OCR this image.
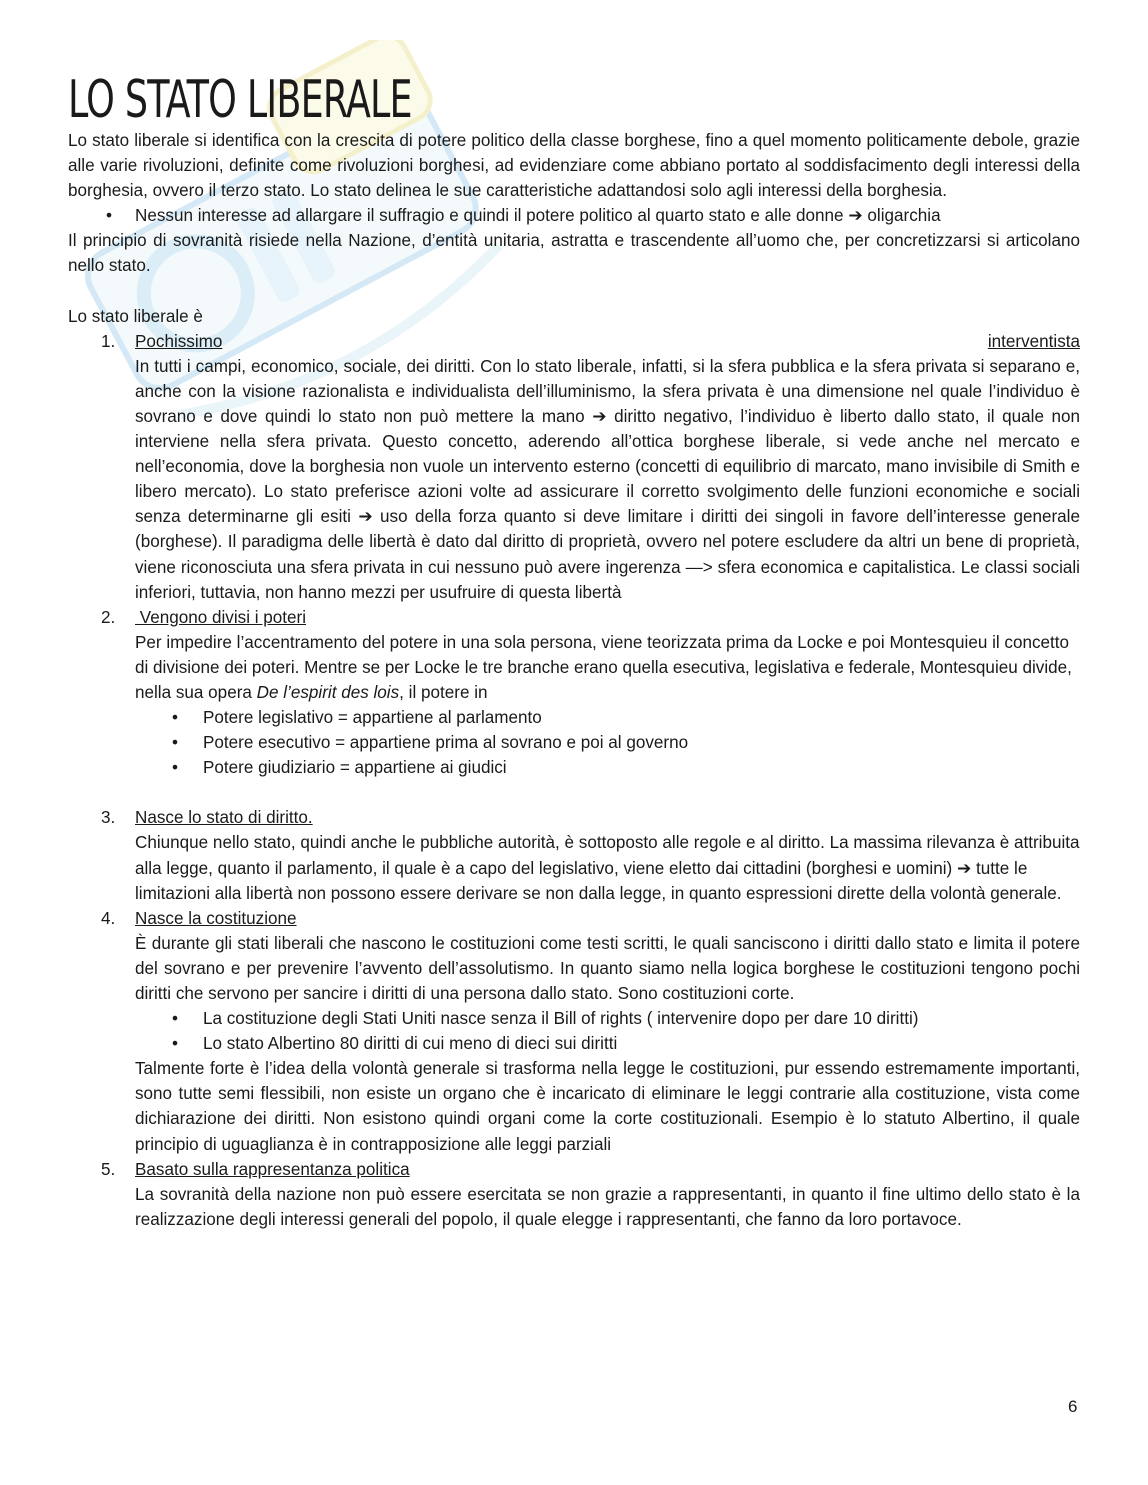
LO STATO LIBERALE

Lo stato liberale si identifica con la crescita di potere politico della classe borghese, fino a quel momento politicamente debole, grazie alle varie rivoluzioni, definite come rivoluzioni borghesi, ad evidenziare come abbiano portato al soddisfacimento degli interessi della borghesia, ovvero il terzo stato. Lo stato delinea le sue caratteristiche adattandosi solo agli interessi della borghesia.

• Nessun interesse ad allargare il suffragio e quindi il potere politico al quarto stato e alle donne ➔ oligarchia

Il principio di sovranità risiede nella Nazione, d’entità unitaria, astratta e trascendente all’uomo che, per concretizzarsi si articolano nello stato.

Lo stato liberale è

1. Pochissimo	interventista

In tutti i campi, economico, sociale, dei diritti. Con lo stato liberale, infatti, si la sfera pubblica e la sfera privata si separano e, anche con la visione razionalista e individualista dell’illuminismo, la sfera privata è una dimensione nel quale l’individuo è sovrano e dove quindi lo stato non può mettere la mano ➔ diritto negativo, l’individuo è liberto dallo stato, il quale non interviene nella sfera privata. Questo concetto, aderendo all’ottica borghese liberale, si vede anche nel mercato e nell’economia, dove la borghesia non vuole un intervento esterno (concetti di equilibrio di marcato, mano invisibile di Smith e libero mercato). Lo stato preferisce azioni volte ad assicurare il corretto svolgimento delle funzioni economiche e sociali senza determinarne gli esiti ➔ uso della forza quanto si deve limitare i diritti dei singoli in favore dell’interesse generale (borghese). Il paradigma delle libertà è dato dal diritto di proprietà, ovvero nel potere escludere da altri un bene di proprietà, viene riconosciuta una sfera privata in cui nessuno può avere ingerenza —> sfera economica e capitalistica. Le classi sociali inferiori, tuttavia, non hanno mezzi per usufruire di questa libertà

2. Vengono divisi i poteri

Per impedire l’accentramento del potere in una sola persona, viene teorizzata prima da Locke e poi Montesquieu il concetto di divisione dei poteri. Mentre se per Locke le tre branche erano quella esecutiva, legislativa e federale, Montesquieu divide, nella sua opera De l’espirit des lois, il potere in

• Potere legislativo = appartiene al parlamento
• Potere esecutivo = appartiene prima al sovrano e poi al governo
• Potere giudiziario = appartiene ai giudici
3. Nasce lo stato di diritto.

Chiunque nello stato, quindi anche le pubbliche autorità, è sottoposto alle regole e al diritto. La massima rilevanza è attribuita alla legge, quanto il parlamento, il quale è a capo del legislativo, viene eletto dai cittadini (borghesi e uomini) ➔ tutte le limitazioni alla libertà non possono essere derivare se non dalla legge, in quanto espressioni dirette della volontà generale.

4. Nasce la costituzione

È durante gli stati liberali che nascono le costituzioni come testi scritti, le quali sanciscono i diritti dallo stato e limita il potere del sovrano e per prevenire l’avvento dell’assolutismo. In quanto siamo nella logica borghese le costituzioni tengono pochi diritti che servono per sancire i diritti di una persona dallo stato. Sono costituzioni corte.

• La costituzione degli Stati Uniti nasce senza il Bill of rights ( intervenire dopo per dare 10 diritti)
• Lo stato Albertino 80 diritti di cui meno di dieci sui diritti

Talmente forte è l’idea della volontà generale si trasforma nella legge le costituzioni, pur essendo estremamente importanti, sono tutte semi flessibili, non esiste un organo che è incaricato di eliminare le leggi contrarie alla costituzione, vista come dichiarazione dei diritti. Non esistono quindi organi come la corte costituzionali. Esempio è lo statuto Albertino, il quale principio di uguaglianza è in contrapposizione alle leggi parziali

5. Basato sulla rappresentanza politica

La sovranità della nazione non può essere esercitata se non grazie a rappresentanti, in quanto il fine ultimo dello stato è la realizzazione degli interessi generali del popolo, il quale elegge i rappresentanti, che fanno da loro portavoce.

6
